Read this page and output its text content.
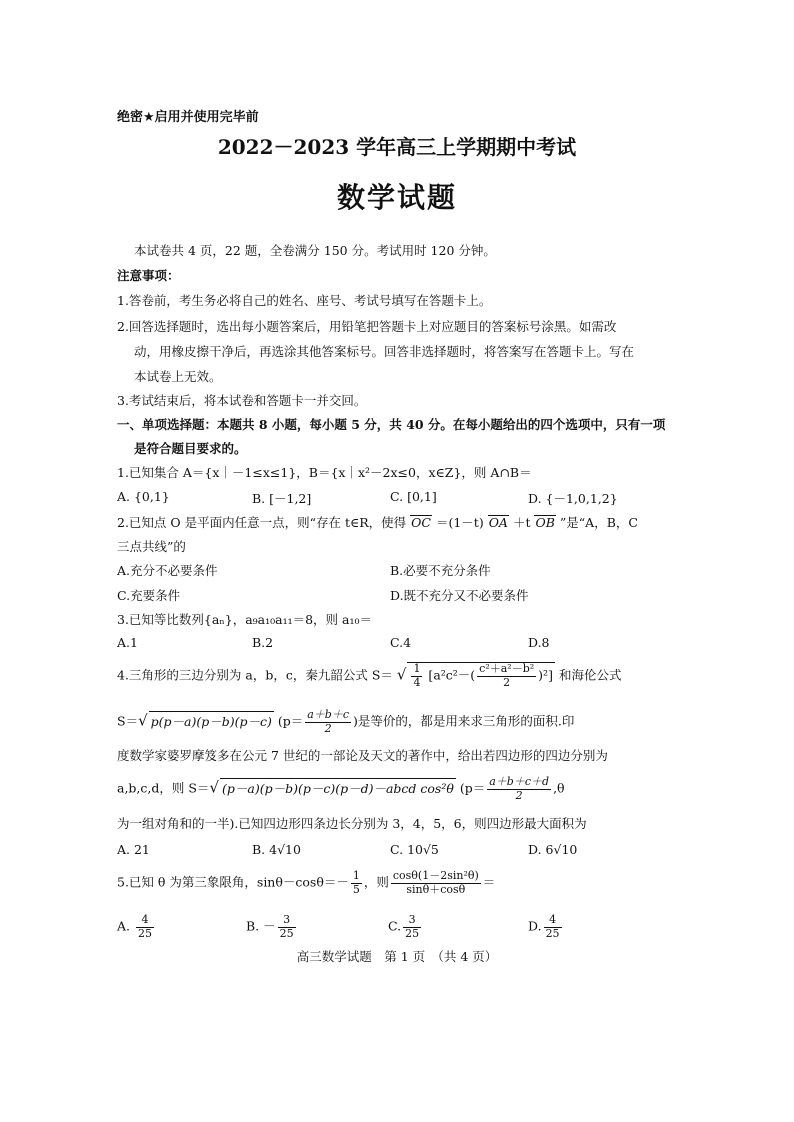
绝密★启用并使用完毕前
2022－2023 学年高三上学期期中考试
数学试题
本试卷共 4 页，22 题，全卷满分 150 分。考试用时 120 分钟。
注意事项：
1.答卷前，考生务必将自己的姓名、座号、考试号填写在答题卡上。
2.回答选择题时，选出每小题答案后，用铅笔把答题卡上对应题目的答案标号涂黑。如需改
动，用橡皮擦干净后，再选涂其他答案标号。回答非选择题时，将答案写在答题卡上。写在
本试卷上无效。
3.考试结束后，将本试卷和答题卡一并交回。
一、单项选择题：本题共 8 小题，每小题 5 分，共 40 分。在每小题给出的四个选项中，只有一项
是符合题目要求的。
1.已知集合 A＝{x｜－1≤x≤1}，B＝{x｜x²－2x≤0，x∈Z}，则 A∩B＝
A. {0,1}	B. [－1,2]	C. [0,1]	D. {－1,0,1,2}
2.已知点 O 是平面内任意一点，则“存在 t∈R，使得 OC ＝(1－t) OA ＋t OB ”是“A，B，C
三点共线”的
A.充分不必要条件	B.必要不充分条件
C.充要条件	D.既不充分又不必要条件
3.已知等比数列{aₙ}，a₉a₁₀a₁₁＝8，则 a₁₀＝
A.1	B.2	C.4	D.8
4.三角形的三边分别为 a，b，c，秦九韶公式 S＝ √ $\frac{1}{4} [a^2c^2-( \frac{\text{c²＋a²－b²}}{2} )^2]$ 和海伦公式
S＝√ p(p－a)(p－b)(p－c) ($p= \frac{a+b+c}{2}$ )是等价的，都是用来求三角形的面积.印
度数学家婆罗摩笈多在公元 7 世纪的一部论及天文的著作中，给出若四边形的四边分别为
a,b,c,d，则 S＝√ (p－a)(p－b)(p－c)(p－d)－abcd cos²θ ($p= \frac{a+b+c+d}{2} ,\theta$
为一组对角和的一半).已知四边形四条边长分别为 3，4，5，6，则四边形最大面积为
A. 21	B. 4√10	C. 10√5	D. 6√10
5.已知 θ 为第三象限角，$\sin\theta-\cos\theta=- \frac{1}{5}$ ，则 $\frac{\text{cosθ(1－2sin²θ)}}{\sin\theta+\cos\theta}$ ＝
A. $\frac{4}{25}$	B. － $\frac{3}{25}$	C. $\frac{3}{25}$	D. $\frac{4}{25}$
高三数学试题　第 1 页　（共 4 页）
